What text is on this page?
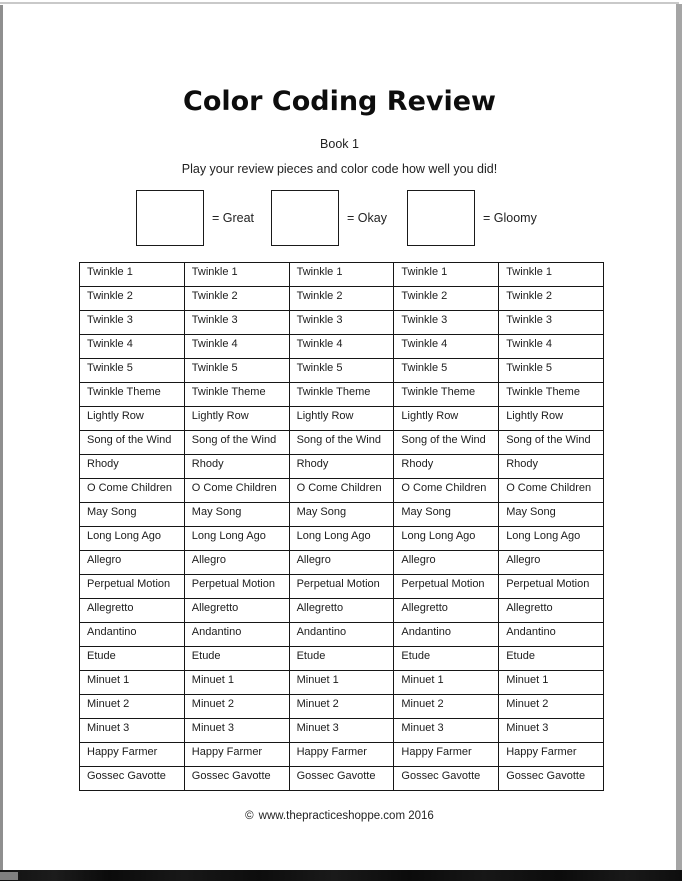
Color Coding Review
Book 1
Play your review pieces and color code how well you did!
= Great	= Okay	= Gloomy
Twinkle 1	Twinkle 1	Twinkle 1	Twinkle 1	Twinkle 1
Twinkle 2	Twinkle 2	Twinkle 2	Twinkle 2	Twinkle 2
Twinkle 3	Twinkle 3	Twinkle 3	Twinkle 3	Twinkle 3
Twinkle 4	Twinkle 4	Twinkle 4	Twinkle 4	Twinkle 4
Twinkle 5	Twinkle 5	Twinkle 5	Twinkle 5	Twinkle 5
Twinkle Theme	Twinkle Theme	Twinkle Theme	Twinkle Theme	Twinkle Theme
Lightly Row	Lightly Row	Lightly Row	Lightly Row	Lightly Row
Song of the Wind	Song of the Wind	Song of the Wind	Song of the Wind	Song of the Wind
Rhody	Rhody	Rhody	Rhody	Rhody
O Come Children	O Come Children	O Come Children	O Come Children	O Come Children
May Song	May Song	May Song	May Song	May Song
Long Long Ago	Long Long Ago	Long Long Ago	Long Long Ago	Long Long Ago
Allegro	Allegro	Allegro	Allegro	Allegro
Perpetual Motion	Perpetual Motion	Perpetual Motion	Perpetual Motion	Perpetual Motion
Allegretto	Allegretto	Allegretto	Allegretto	Allegretto
Andantino	Andantino	Andantino	Andantino	Andantino
Etude	Etude	Etude	Etude	Etude
Minuet 1	Minuet 1	Minuet 1	Minuet 1	Minuet 1
Minuet 2	Minuet 2	Minuet 2	Minuet 2	Minuet 2
Minuet 3	Minuet 3	Minuet 3	Minuet 3	Minuet 3
Happy Farmer	Happy Farmer	Happy Farmer	Happy Farmer	Happy Farmer
Gossec Gavotte	Gossec Gavotte	Gossec Gavotte	Gossec Gavotte	Gossec Gavotte
© www.thepracticeshoppe.com 2016
